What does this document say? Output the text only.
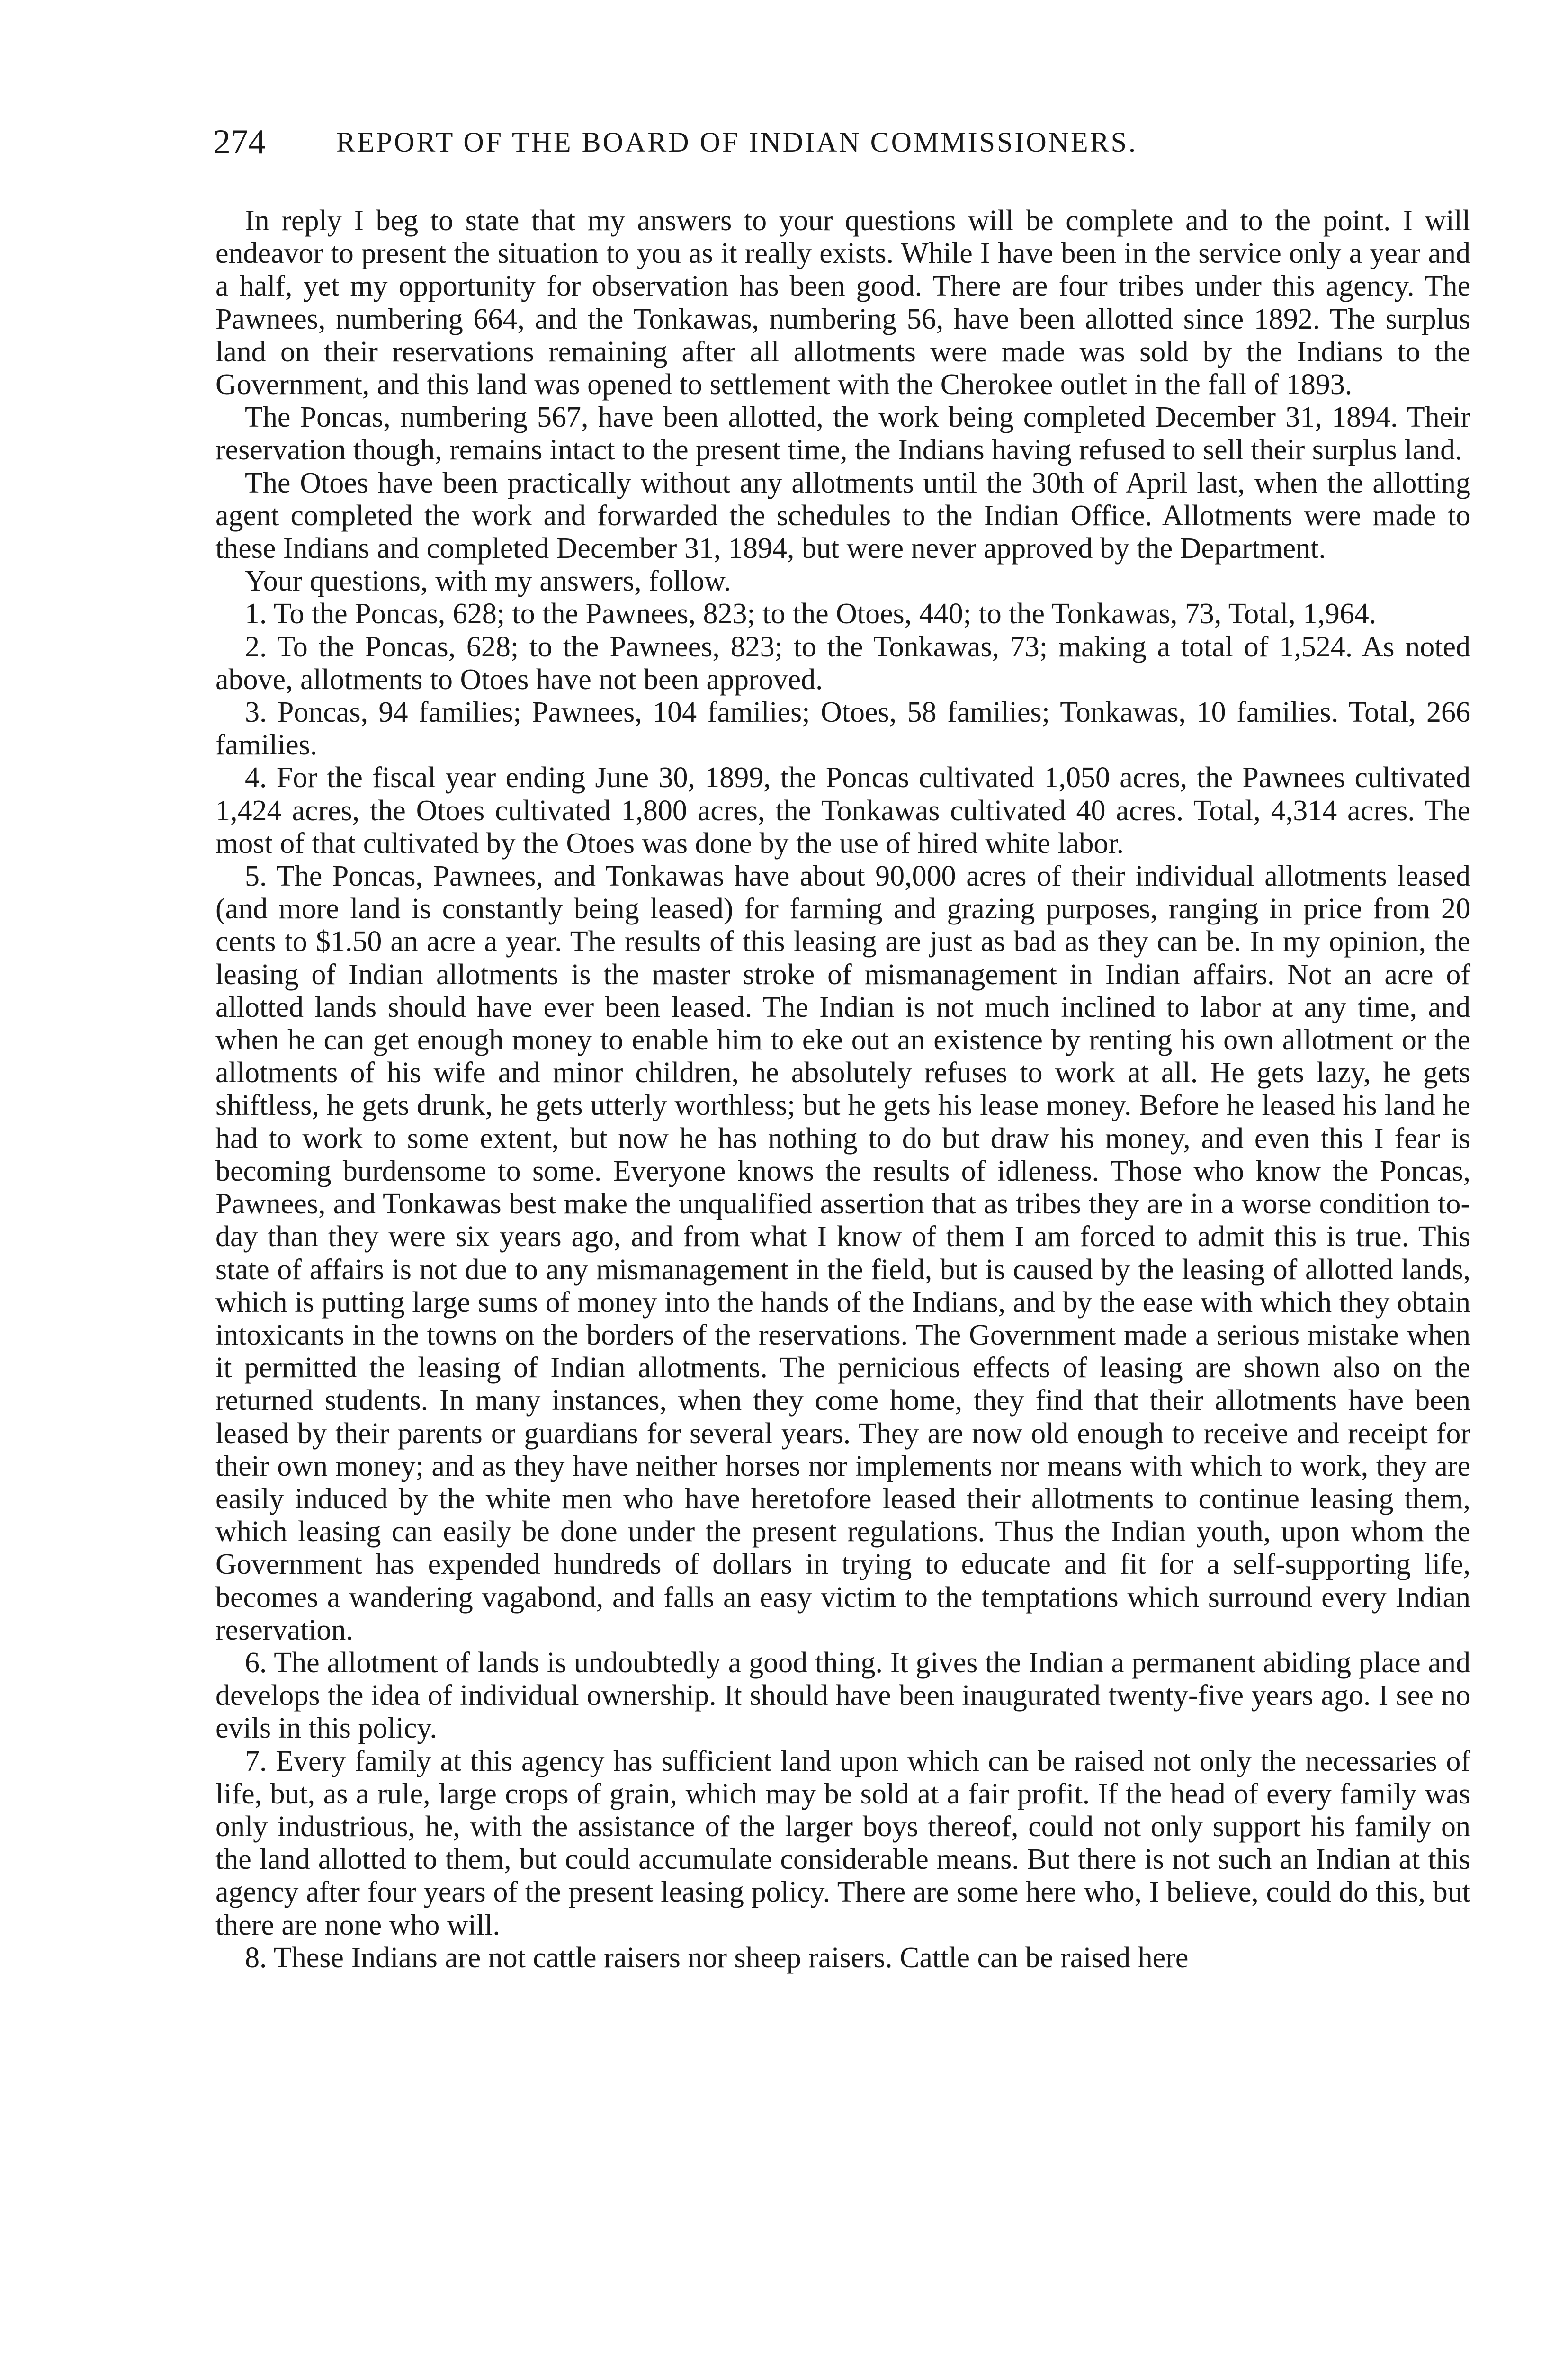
274 REPORT OF THE BOARD OF INDIAN COMMISSIONERS.

In reply I beg to state that my answers to your questions will be complete and to the point. I will endeavor to present the situation to you as it really exists. While I have been in the service only a year and a half, yet my opportunity for observation has been good. There are four tribes under this agency. The Pawnees, numbering 664, and the Tonkawas, numbering 56, have been allotted since 1892. The surplus land on their reservations remaining after all allotments were made was sold by the Indians to the Government, and this land was opened to settlement with the Cherokee outlet in the fall of 1893.

The Poncas, numbering 567, have been allotted, the work being completed December 31, 1894. Their reservation though, remains intact to the present time, the Indians having refused to sell their surplus land.

The Otoes have been practically without any allotments until the 30th of April last, when the allotting agent completed the work and forwarded the schedules to the Indian Office. Allotments were made to these Indians and completed December 31, 1894, but were never approved by the Department.

Your questions, with my answers, follow.

1. To the Poncas, 628; to the Pawnees, 823; to the Otoes, 440; to the Tonkawas, 73, Total, 1,964.

2. To the Poncas, 628; to the Pawnees, 823; to the Tonkawas, 73; making a total of 1,524. As noted above, allotments to Otoes have not been approved.

3. Poncas, 94 families; Pawnees, 104 families; Otoes, 58 families; Tonkawas, 10 families. Total, 266 families.

4. For the fiscal year ending June 30, 1899, the Poncas cultivated 1,050 acres, the Pawnees cultivated 1,424 acres, the Otoes cultivated 1,800 acres, the Tonkawas cultivated 40 acres. Total, 4,314 acres. The most of that cultivated by the Otoes was done by the use of hired white labor.

5. The Poncas, Pawnees, and Tonkawas have about 90,000 acres of their individual allotments leased (and more land is constantly being leased) for farming and grazing purposes, ranging in price from 20 cents to $1.50 an acre a year. The results of this leasing are just as bad as they can be. In my opinion, the leasing of Indian allotments is the master stroke of mismanagement in Indian affairs. Not an acre of allotted lands should have ever been leased. The Indian is not much inclined to labor at any time, and when he can get enough money to enable him to eke out an existence by renting his own allotment or the allotments of his wife and minor children, he absolutely refuses to work at all. He gets lazy, he gets shiftless, he gets drunk, he gets utterly worthless; but he gets his lease money. Before he leased his land he had to work to some extent, but now he has nothing to do but draw his money, and even this I fear is becoming burdensome to some. Everyone knows the results of idleness. Those who know the Poncas, Pawnees, and Tonkawas best make the unqualified assertion that as tribes they are in a worse condition to-day than they were six years ago, and from what I know of them I am forced to admit this is true. This state of affairs is not due to any mismanagement in the field, but is caused by the leasing of allotted lands, which is putting large sums of money into the hands of the Indians, and by the ease with which they obtain intoxicants in the towns on the borders of the reservations. The Government made a serious mistake when it permitted the leasing of Indian allotments. The pernicious effects of leasing are shown also on the returned students. In many instances, when they come home, they find that their allotments have been leased by their parents or guardians for several years. They are now old enough to receive and receipt for their own money; and as they have neither horses nor implements nor means with which to work, they are easily induced by the white men who have heretofore leased their allotments to continue leasing them, which leasing can easily be done under the present regulations. Thus the Indian youth, upon whom the Government has expended hundreds of dollars in trying to educate and fit for a self-supporting life, becomes a wandering vagabond, and falls an easy victim to the temptations which surround every Indian reservation.

6. The allotment of lands is undoubtedly a good thing. It gives the Indian a permanent abiding place and develops the idea of individual ownership. It should have been inaugurated twenty-five years ago. I see no evils in this policy.

7. Every family at this agency has sufficient land upon which can be raised not only the necessaries of life, but, as a rule, large crops of grain, which may be sold at a fair profit. If the head of every family was only industrious, he, with the assistance of the larger boys thereof, could not only support his family on the land allotted to them, but could accumulate considerable means. But there is not such an Indian at this agency after four years of the present leasing policy. There are some here who, I believe, could do this, but there are none who will.

8. These Indians are not cattle raisers nor sheep raisers. Cattle can be raised here
